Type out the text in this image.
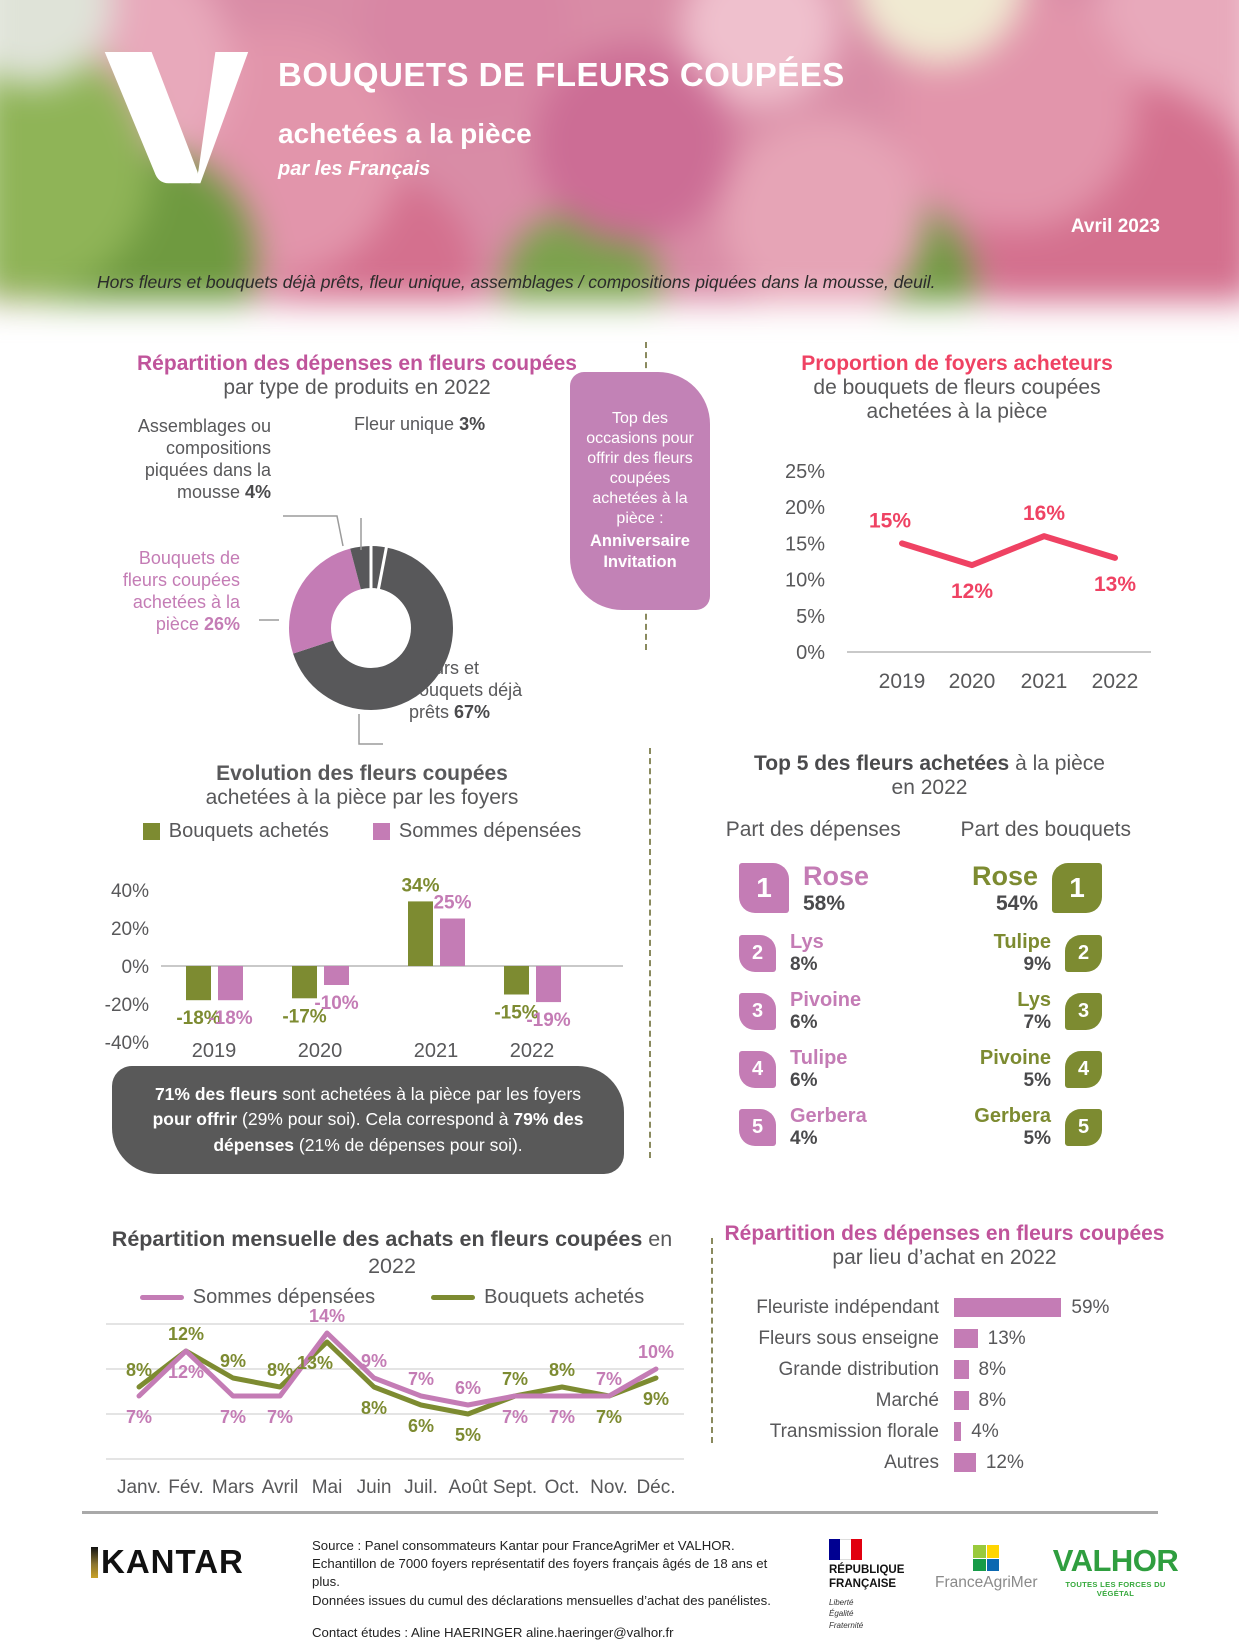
BOUQUETS DE FLEURS COUPÉES
achetées a la pièce
par les Français
Avril 2023
Hors fleurs et bouquets déjà prêts, fleur unique, assemblages / compositions piquées dans la mousse, deuil.
Répartition des dépenses en fleurs coupées
par type de produits en 2022
Fleur unique 3%
Assemblages ou
compositions
piquées dans la
mousse 4%
Bouquets de
fleurs coupées
achetées à la
pièce 26%
Fleurs et
bouquets déjà
prêts 67%
Top des occasions pour offrir des fleurs coupées achetées à la pièce :
Anniversaire Invitation
Proportion de foyers acheteurs
de bouquets de fleurs coupées
achetées à la pièce
25%
20%
15%
10%
5%
0%
15%
12%
16%
13%
2019 2020 2021 2022
Evolution des fleurs coupées
achetées à la pièce par les foyers
Bouquets achetés	Sommes dépensées
40%
20%
0%
-20%
-40%
-18%	-17%
34%
-15%
-18%
-10%
25%
-19%
2019	2020	2021	2022
Top 5 des fleurs achetées à la pièce
en 2022
Part des dépenses
1 Rose
58%
2 Lys
8%
3 Pivoine
6%
4 Tulipe
6%
5 Gerbera
4%
Part des bouquets
Rose
54% 1
Tulipe
9%
2
Lys
7%
3
Pivoine
5%
4
Gerbera
5%
5
71% des fleurs sont achetées à la pièce par les foyers pour offrir (29% pour soi). Cela correspond à 79% des dépenses (21% de dépenses pour soi).
Répartition mensuelle des achats en fleurs coupées en 2022
Sommes dépensées	Bouquets achetés
7%
12%
7% 7%
14%
9%
7% 6%
7% 7%
7%
10%
8%
12%
9% 8% 13%
8%
6% 5%
7% 8%
7%
9%
Janv. Fév. Mars Avril Mai Juin Juil. Août Sept. Oct. Nov. Déc.
Répartition des dépenses en fleurs coupées
par lieu d’achat en 2022
Fleuriste indépendant	59%
Fleurs sous enseigne	13%
Grande distribution 8%
Marché 8%
Transmission florale 4%
Autres 12%
KANTAR	Source : Panel consommateurs Kantar pour FranceAgriMer et VALHOR.
Echantillon de 7000 foyers représentatif des foyers français âgés de 18 ans et plus.
Données issues du cumul des déclarations mensuelles d’achat des panélistes.
Contact études : Aline HAERINGER aline.haeringer@valhor.fr
RÉPUBLIQUE
FRANÇAISE
Liberté
Égalité
Fraternité
FranceAgriMer
VALHOR
TOUTES LES FORCES DU VÉGÉTAL
